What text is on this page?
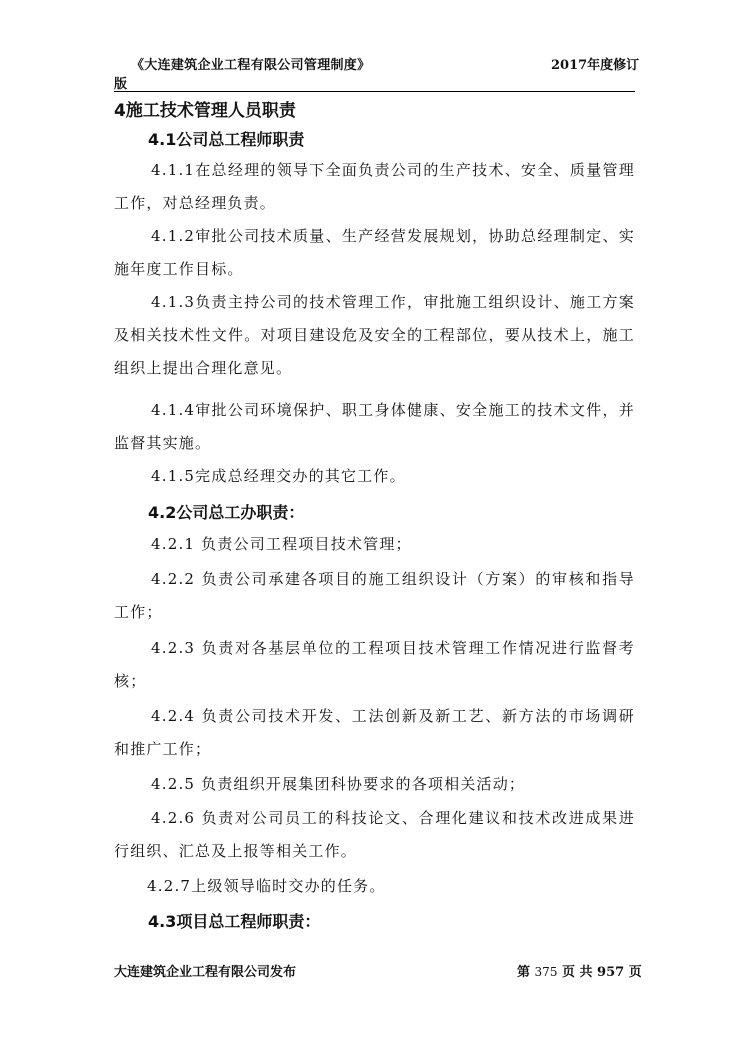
《大连建筑企业工程有限公司管理制度》	2017年度修订
版
4施工技术管理人员职责
4.1公司总工程师职责
4.1.1在总经理的领导下全面负责公司的生产技术、安全、质量管理工作，对总经理负责。
4.1.2审批公司技术质量、生产经营发展规划，协助总经理制定、实施年度工作目标。
4.1.3负责主持公司的技术管理工作，审批施工组织设计、施工方案及相关技术性文件。对项目建设危及安全的工程部位，要从技术上，施工组织上提出合理化意见。
4.1.4审批公司环境保护、职工身体健康、安全施工的技术文件，并监督其实施。
4.1.5完成总经理交办的其它工作。
4.2公司总工办职责：
4.2.1 负责公司工程项目技术管理；
4.2.2 负责公司承建各项目的施工组织设计（方案）的审核和指导工作；
4.2.3 负责对各基层单位的工程项目技术管理工作情况进行监督考核；
4.2.4 负责公司技术开发、工法创新及新工艺、新方法的市场调研和推广工作；
4.2.5 负责组织开展集团科协要求的各项相关活动；
4.2.6 负责对公司员工的科技论文、合理化建议和技术改进成果进行组织、汇总及上报等相关工作。
4.2.7上级领导临时交办的任务。
4.3项目总工程师职责：
大连建筑企业工程有限公司发布	第 375 页 共 957 页
